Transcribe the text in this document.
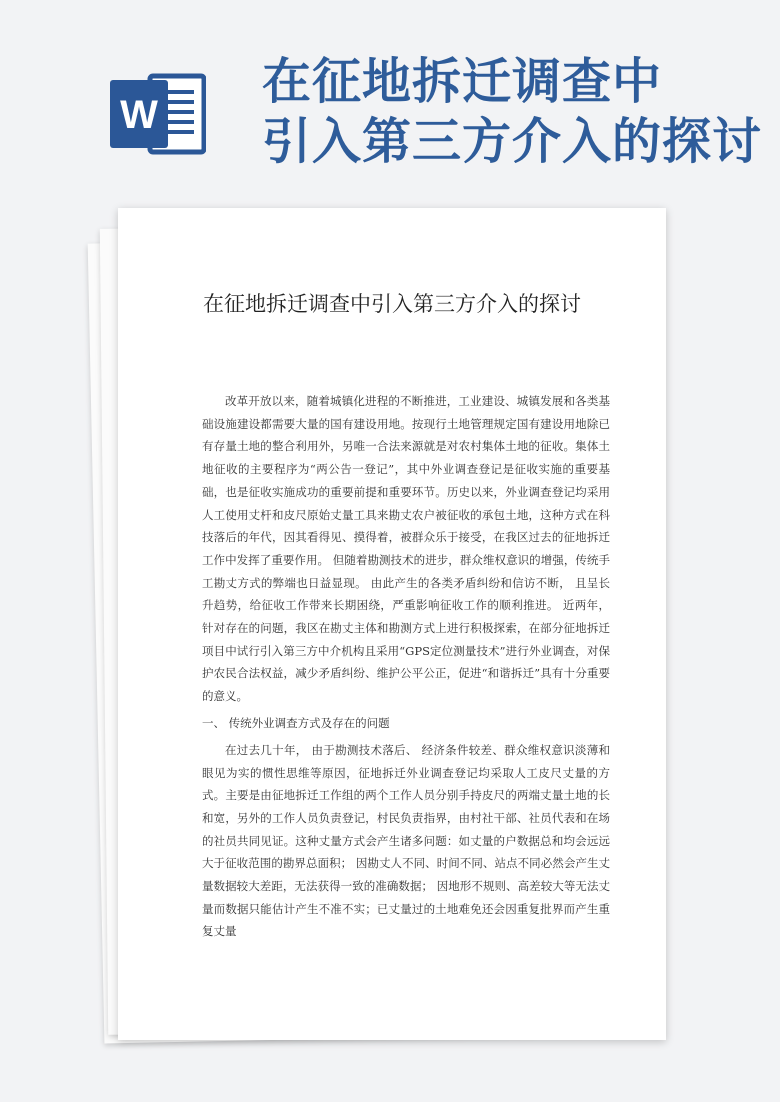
W
在征地拆迁调查中
引入第三方介入的探讨
在征地拆迁调查中引入第三方介入的探讨

改革开放以来，随着城镇化进程的不断推进，工业建设、城镇发展和各类基础设施建设都需要大量的国有建设用地。按现行土地管理规定国有建设用地除已有存量土地的整合利用外，另唯一合法来源就是对农村集体土地的征收。集体土地征收的主要程序为“两公告一登记”，其中外业调查登记是征收实施的重要基础，也是征收实施成功的重要前提和重要环节。历史以来，外业调查登记均采用人工使用丈杆和皮尺原始丈量工具来勘丈农户被征收的承包土地，这种方式在科技落后的年代，因其看得见、摸得着，被群众乐于接受，在我区过去的征地拆迁工作中发挥了重要作用。 但随着勘测技术的进步，群众维权意识的增强，传统手工勘丈方式的弊端也日益显现。 由此产生的各类矛盾纠纷和信访不断， 且呈长升趋势，给征收工作带来长期困绕，严重影响征收工作的顺利推进。 近两年， 针对存在的问题，我区在勘丈主体和勘测方式上进行积极探索，在部分征地拆迁项目中试行引入第三方中介机构且采用“GPS定位测量技术”进行外业调查，对保护农民合法权益，减少矛盾纠纷、维护公平公正，促进“和谐拆迁”具有十分重要的意义。

一、 传统外业调查方式及存在的问题

在过去几十年， 由于勘测技术落后、 经济条件较差、群众维权意识淡薄和眼见为实的惯性思维等原因，征地拆迁外业调查登记均采取人工皮尺丈量的方式。主要是由征地拆迁工作组的两个工作人员分别手持皮尺的两端丈量土地的长和宽，另外的工作人员负责登记，村民负责指界，由村社干部、社员代表和在场的社员共同见证。这种丈量方式会产生诸多问题：如丈量的户数据总和均会远远大于征收范围的勘界总面积； 因勘丈人不同、时间不同、站点不同必然会产生丈量数据较大差距，无法获得一致的准确数据； 因地形不规则、高差较大等无法丈量而数据只能估计产生不准不实；已丈量过的土地难免还会因重复批界而产生重复丈量
